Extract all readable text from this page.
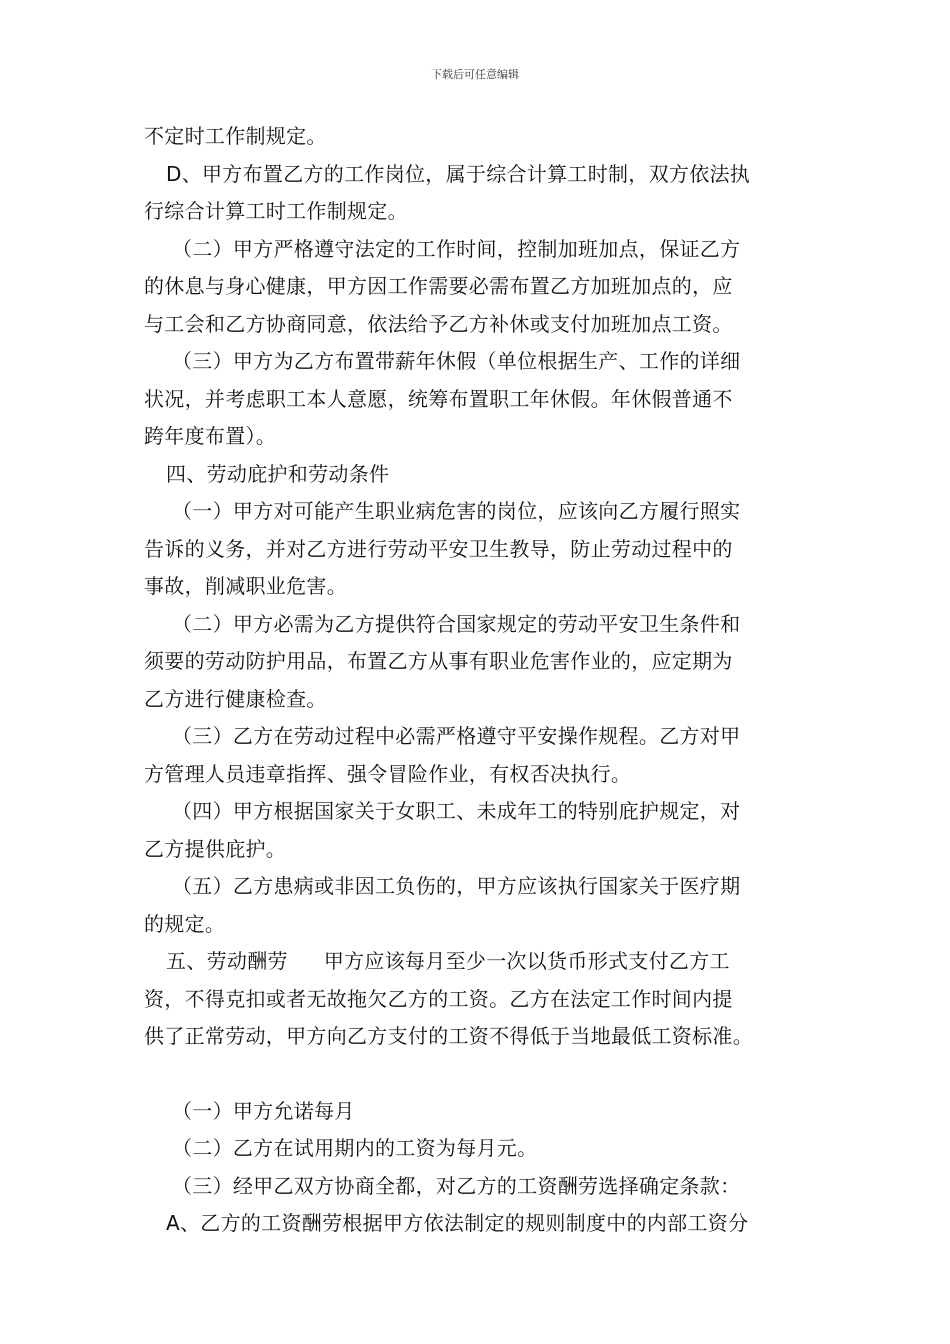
下载后可任意编辑
不定时工作制规定。
D、甲方布置乙方的工作岗位，属于综合计算工时制，双方依法执
行综合计算工时工作制规定。
（二）甲方严格遵守法定的工作时间，控制加班加点，保证乙方
的休息与身心健康，甲方因工作需要必需布置乙方加班加点的，应
与工会和乙方协商同意，依法给予乙方补休或支付加班加点工资。
（三）甲方为乙方布置带薪年休假（单位根据生产、工作的详细
状况，并考虑职工本人意愿，统筹布置职工年休假。年休假普通不
跨年度布置）。
四、劳动庇护和劳动条件
（一）甲方对可能产生职业病危害的岗位，应该向乙方履行照实
告诉的义务，并对乙方进行劳动平安卫生教导，防止劳动过程中的
事故，削减职业危害。
（二）甲方必需为乙方提供符合国家规定的劳动平安卫生条件和
须要的劳动防护用品，布置乙方从事有职业危害作业的，应定期为
乙方进行健康检查。
（三）乙方在劳动过程中必需严格遵守平安操作规程。乙方对甲
方管理人员违章指挥、强令冒险作业，有权否决执行。
（四）甲方根据国家关于女职工、未成年工的特别庇护规定，对
乙方提供庇护。
（五）乙方患病或非因工负伤的，甲方应该执行国家关于医疗期
的规定。
五、劳动酬劳 甲方应该每月至少一次以货币形式支付乙方工
资，不得克扣或者无故拖欠乙方的工资。乙方在法定工作时间内提
供了正常劳动，甲方向乙方支付的工资不得低于当地最低工资标准。
（一）甲方允诺每月
（二）乙方在试用期内的工资为每月元。
（三）经甲乙双方协商全都，对乙方的工资酬劳选择确定条款：
A、乙方的工资酬劳根据甲方依法制定的规则制度中的内部工资分
